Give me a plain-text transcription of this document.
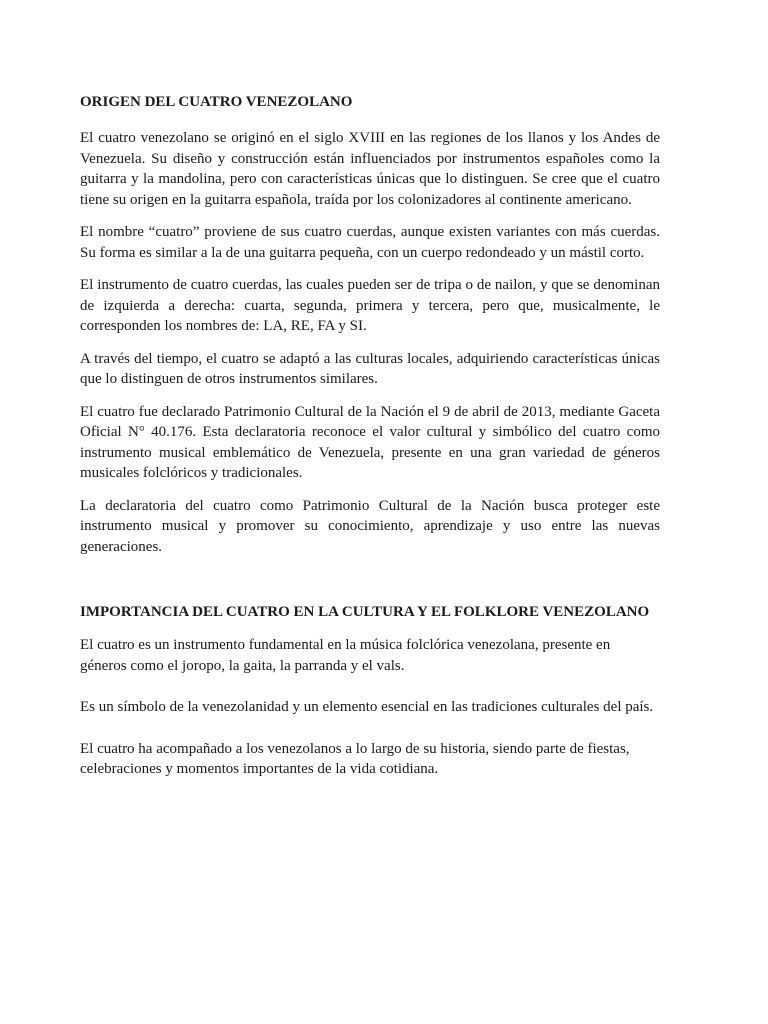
ORIGEN DEL CUATRO VENEZOLANO

El cuatro venezolano se originó en el siglo XVIII en las regiones de los llanos y los Andes de Venezuela. Su diseño y construcción están influenciados por instrumentos españoles como la guitarra y la mandolina, pero con características únicas que lo distinguen. Se cree que el cuatro tiene su origen en la guitarra española, traída por los colonizadores al continente americano.

El nombre “cuatro” proviene de sus cuatro cuerdas, aunque existen variantes con más cuerdas. Su forma es similar a la de una guitarra pequeña, con un cuerpo redondeado y un mástil corto.

El instrumento de cuatro cuerdas, las cuales pueden ser de tripa o de nailon, y que se denominan de izquierda a derecha: cuarta, segunda, primera y tercera, pero que, musicalmente, le corresponden los nombres de: LA, RE, FA y SI.

A través del tiempo, el cuatro se adaptó a las culturas locales, adquiriendo características únicas que lo distinguen de otros instrumentos similares.

El cuatro fue declarado Patrimonio Cultural de la Nación el 9 de abril de 2013, mediante Gaceta Oficial N° 40.176. Esta declaratoria reconoce el valor cultural y simbólico del cuatro como instrumento musical emblemático de Venezuela, presente en una gran variedad de géneros musicales folclóricos y tradicionales.

La declaratoria del cuatro como Patrimonio Cultural de la Nación busca proteger este instrumento musical y promover su conocimiento, aprendizaje y uso entre las nuevas generaciones.

IMPORTANCIA DEL CUATRO EN LA CULTURA Y EL FOLKLORE VENEZOLANO

El cuatro es un instrumento fundamental en la música folclórica venezolana, presente en géneros como el joropo, la gaita, la parranda y el vals.

Es un símbolo de la venezolanidad y un elemento esencial en las tradiciones culturales del país.

El cuatro ha acompañado a los venezolanos a lo largo de su historia, siendo parte de fiestas, celebraciones y momentos importantes de la vida cotidiana.
